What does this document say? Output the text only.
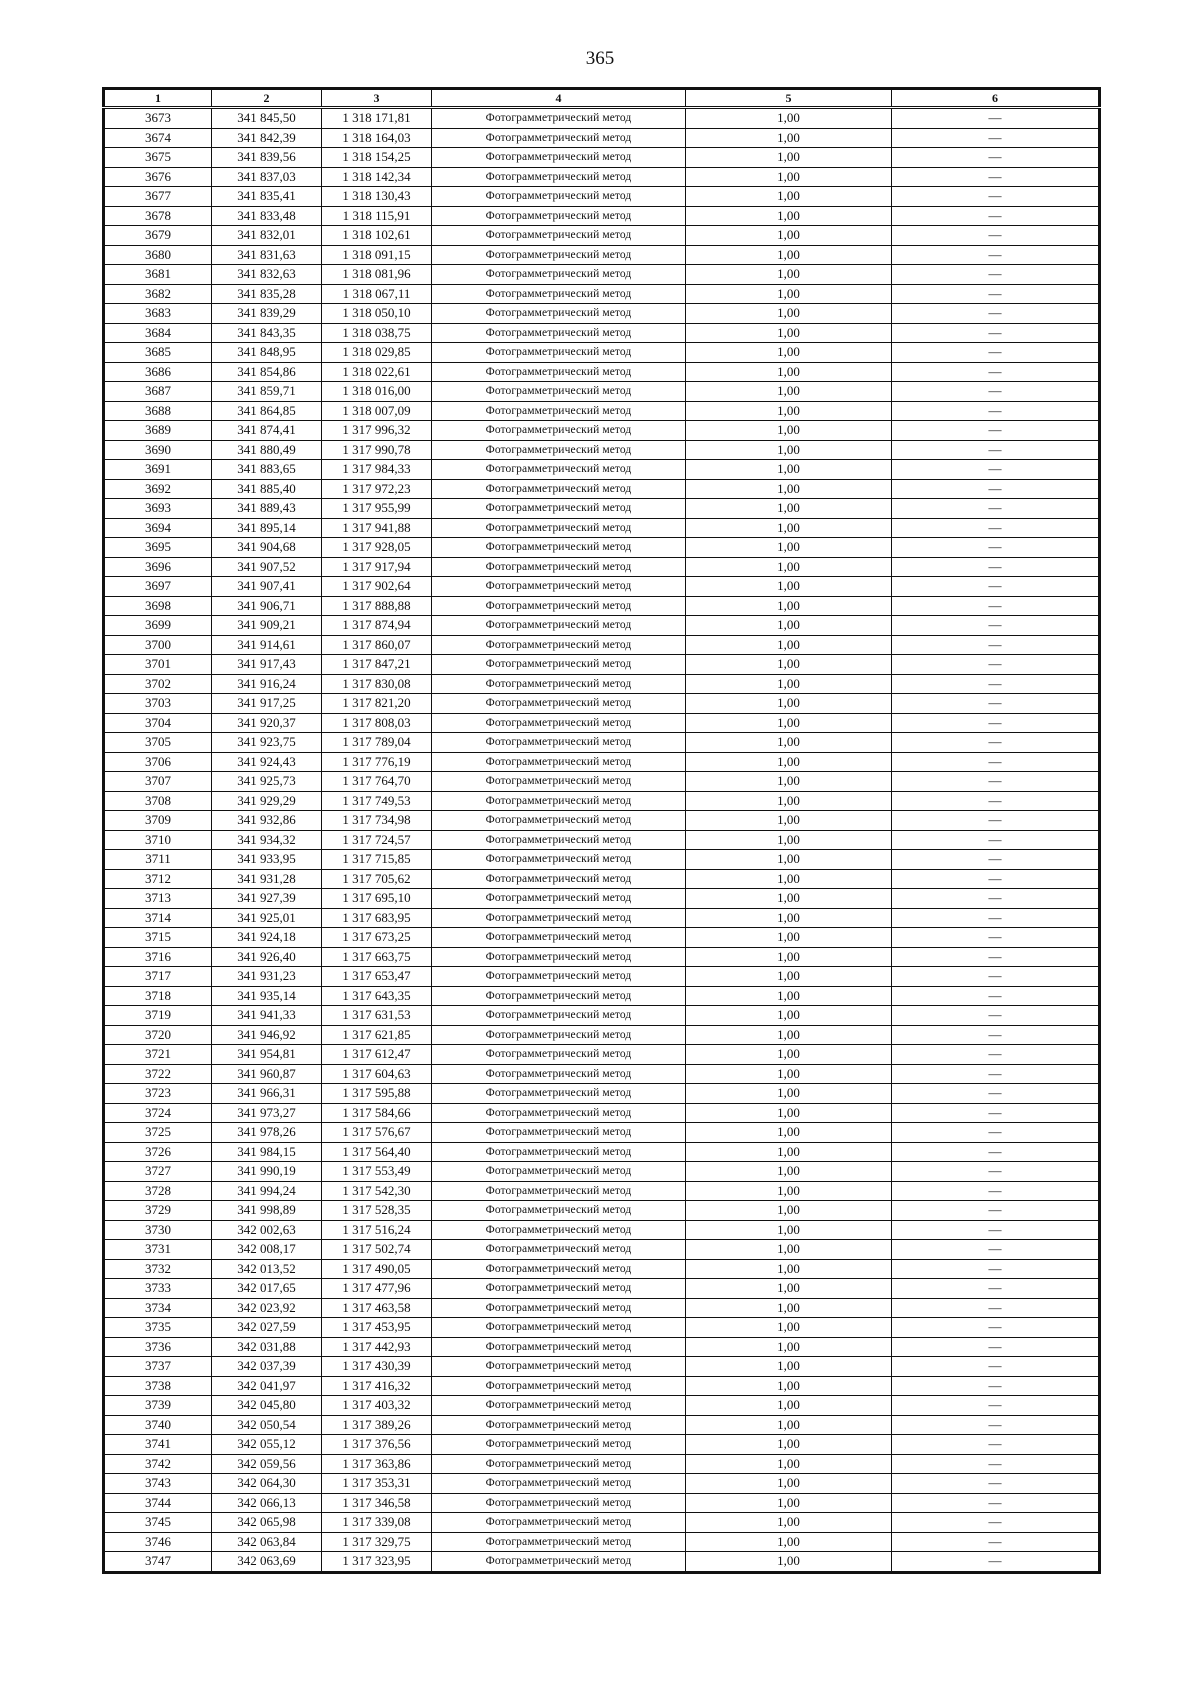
365
1	2	3	4	5	6
3673	341 845,50	1 318 171,81	Фотограмметрический метод	1,00	—
3674	341 842,39	1 318 164,03	Фотограмметрический метод	1,00	—
3675	341 839,56	1 318 154,25	Фотограмметрический метод	1,00	—
3676	341 837,03	1 318 142,34	Фотограмметрический метод	1,00	—
3677	341 835,41	1 318 130,43	Фотограмметрический метод	1,00	—
3678	341 833,48	1 318 115,91	Фотограмметрический метод	1,00	—
3679	341 832,01	1 318 102,61	Фотограмметрический метод	1,00	—
3680	341 831,63	1 318 091,15	Фотограмметрический метод	1,00	—
3681	341 832,63	1 318 081,96	Фотограмметрический метод	1,00	—
3682	341 835,28	1 318 067,11	Фотограмметрический метод	1,00	—
3683	341 839,29	1 318 050,10	Фотограмметрический метод	1,00	—
3684	341 843,35	1 318 038,75	Фотограмметрический метод	1,00	—
3685	341 848,95	1 318 029,85	Фотограмметрический метод	1,00	—
3686	341 854,86	1 318 022,61	Фотограмметрический метод	1,00	—
3687	341 859,71	1 318 016,00	Фотограмметрический метод	1,00	—
3688	341 864,85	1 318 007,09	Фотограмметрический метод	1,00	—
3689	341 874,41	1 317 996,32	Фотограмметрический метод	1,00	—
3690	341 880,49	1 317 990,78	Фотограмметрический метод	1,00	—
3691	341 883,65	1 317 984,33	Фотограмметрический метод	1,00	—
3692	341 885,40	1 317 972,23	Фотограмметрический метод	1,00	—
3693	341 889,43	1 317 955,99	Фотограмметрический метод	1,00	—
3694	341 895,14	1 317 941,88	Фотограмметрический метод	1,00	—
3695	341 904,68	1 317 928,05	Фотограмметрический метод	1,00	—
3696	341 907,52	1 317 917,94	Фотограмметрический метод	1,00	—
3697	341 907,41	1 317 902,64	Фотограмметрический метод	1,00	—
3698	341 906,71	1 317 888,88	Фотограмметрический метод	1,00	—
3699	341 909,21	1 317 874,94	Фотограмметрический метод	1,00	—
3700	341 914,61	1 317 860,07	Фотограмметрический метод	1,00	—
3701	341 917,43	1 317 847,21	Фотограмметрический метод	1,00	—
3702	341 916,24	1 317 830,08	Фотограмметрический метод	1,00	—
3703	341 917,25	1 317 821,20	Фотограмметрический метод	1,00	—
3704	341 920,37	1 317 808,03	Фотограмметрический метод	1,00	—
3705	341 923,75	1 317 789,04	Фотограмметрический метод	1,00	—
3706	341 924,43	1 317 776,19	Фотограмметрический метод	1,00	—
3707	341 925,73	1 317 764,70	Фотограмметрический метод	1,00	—
3708	341 929,29	1 317 749,53	Фотограмметрический метод	1,00	—
3709	341 932,86	1 317 734,98	Фотограмметрический метод	1,00	—
3710	341 934,32	1 317 724,57	Фотограмметрический метод	1,00	—
3711	341 933,95	1 317 715,85	Фотограмметрический метод	1,00	—
3712	341 931,28	1 317 705,62	Фотограмметрический метод	1,00	—
3713	341 927,39	1 317 695,10	Фотограмметрический метод	1,00	—
3714	341 925,01	1 317 683,95	Фотограмметрический метод	1,00	—
3715	341 924,18	1 317 673,25	Фотограмметрический метод	1,00	—
3716	341 926,40	1 317 663,75	Фотограмметрический метод	1,00	—
3717	341 931,23	1 317 653,47	Фотограмметрический метод	1,00	—
3718	341 935,14	1 317 643,35	Фотограмметрический метод	1,00	—
3719	341 941,33	1 317 631,53	Фотограмметрический метод	1,00	—
3720	341 946,92	1 317 621,85	Фотограмметрический метод	1,00	—
3721	341 954,81	1 317 612,47	Фотограмметрический метод	1,00	—
3722	341 960,87	1 317 604,63	Фотограмметрический метод	1,00	—
3723	341 966,31	1 317 595,88	Фотограмметрический метод	1,00	—
3724	341 973,27	1 317 584,66	Фотограмметрический метод	1,00	—
3725	341 978,26	1 317 576,67	Фотограмметрический метод	1,00	—
3726	341 984,15	1 317 564,40	Фотограмметрический метод	1,00	—
3727	341 990,19	1 317 553,49	Фотограмметрический метод	1,00	—
3728	341 994,24	1 317 542,30	Фотограмметрический метод	1,00	—
3729	341 998,89	1 317 528,35	Фотограмметрический метод	1,00	—
3730	342 002,63	1 317 516,24	Фотограмметрический метод	1,00	—
3731	342 008,17	1 317 502,74	Фотограмметрический метод	1,00	—
3732	342 013,52	1 317 490,05	Фотограмметрический метод	1,00	—
3733	342 017,65	1 317 477,96	Фотограмметрический метод	1,00	—
3734	342 023,92	1 317 463,58	Фотограмметрический метод	1,00	—
3735	342 027,59	1 317 453,95	Фотограмметрический метод	1,00	—
3736	342 031,88	1 317 442,93	Фотограмметрический метод	1,00	—
3737	342 037,39	1 317 430,39	Фотограмметрический метод	1,00	—
3738	342 041,97	1 317 416,32	Фотограмметрический метод	1,00	—
3739	342 045,80	1 317 403,32	Фотограмметрический метод	1,00	—
3740	342 050,54	1 317 389,26	Фотограмметрический метод	1,00	—
3741	342 055,12	1 317 376,56	Фотограмметрический метод	1,00	—
3742	342 059,56	1 317 363,86	Фотограмметрический метод	1,00	—
3743	342 064,30	1 317 353,31	Фотограмметрический метод	1,00	—
3744	342 066,13	1 317 346,58	Фотограмметрический метод	1,00	—
3745	342 065,98	1 317 339,08	Фотограмметрический метод	1,00	—
3746	342 063,84	1 317 329,75	Фотограмметрический метод	1,00	—
3747	342 063,69	1 317 323,95	Фотограмметрический метод	1,00	—
